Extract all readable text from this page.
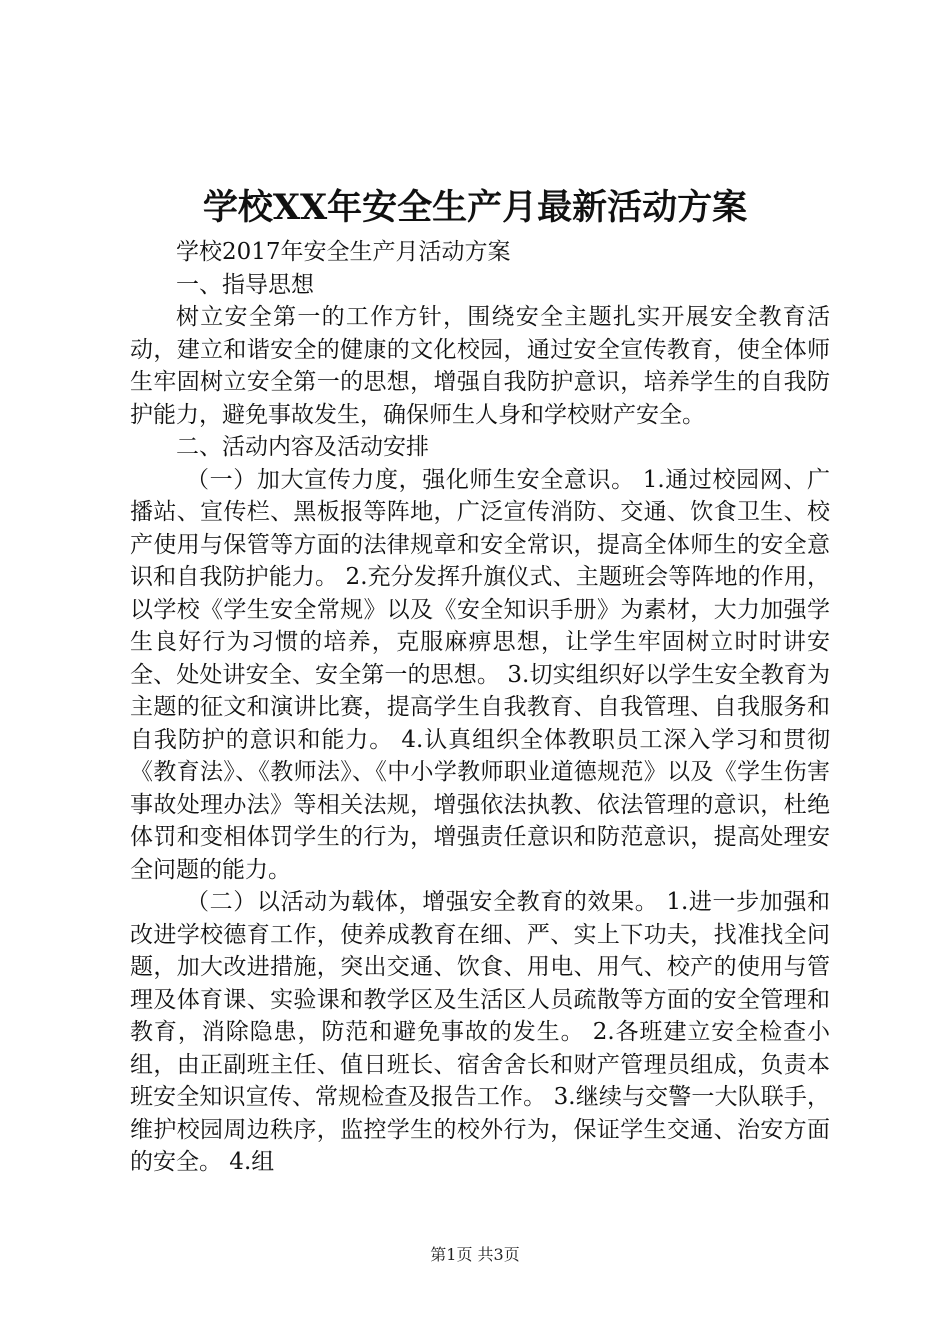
学校XX年安全生产月最新活动方案

学校2017年安全生产月活动方案

一、指导思想

树立安全第一的工作方针，围绕安全主题扎实开展安全教育活动，建立和谐安全的健康的文化校园，通过安全宣传教育，使全体师生牢固树立安全第一的思想，增强自我防护意识，培养学生的自我防护能力，避免事故发生，确保师生人身和学校财产安全。

二、活动内容及活动安排

（一）加大宣传力度，强化师生安全意识。 1.通过校园网、广播站、宣传栏、黑板报等阵地，广泛宣传消防、交通、饮食卫生、校产使用与保管等方面的法律规章和安全常识，提高全体师生的安全意识和自我防护能力。 2.充分发挥升旗仪式、主题班会等阵地的作用，以学校《学生安全常规》以及《安全知识手册》为素材，大力加强学生良好行为习惯的培养，克服麻痹思想，让学生牢固树立时时讲安全、处处讲安全、安全第一的思想。 3.切实组织好以学生安全教育为主题的征文和演讲比赛，提高学生自我教育、自我管理、自我服务和自我防护的意识和能力。 4.认真组织全体教职员工深入学习和贯彻《教育法》、《教师法》、《中小学教师职业道德规范》以及《学生伤害事故处理办法》等相关法规，增强依法执教、依法管理的意识，杜绝体罚和变相体罚学生的行为，增强责任意识和防范意识，提高处理安全问题的能力。

（二）以活动为载体，增强安全教育的效果。 1.进一步加强和改进学校德育工作，使养成教育在细、严、实上下功夫，找准找全问题，加大改进措施，突出交通、饮食、用电、用气、校产的使用与管理及体育课、实验课和教学区及生活区人员疏散等方面的安全管理和教育，消除隐患，防范和避免事故的发生。 2.各班建立安全检查小组，由正副班主任、值日班长、宿舍舍长和财产管理员组成，负责本班安全知识宣传、常规检查及报告工作。 3.继续与交警一大队联手，维护校园周边秩序，监控学生的校外行为，保证学生交通、治安方面的安全。 4.组

第1页 共3页
